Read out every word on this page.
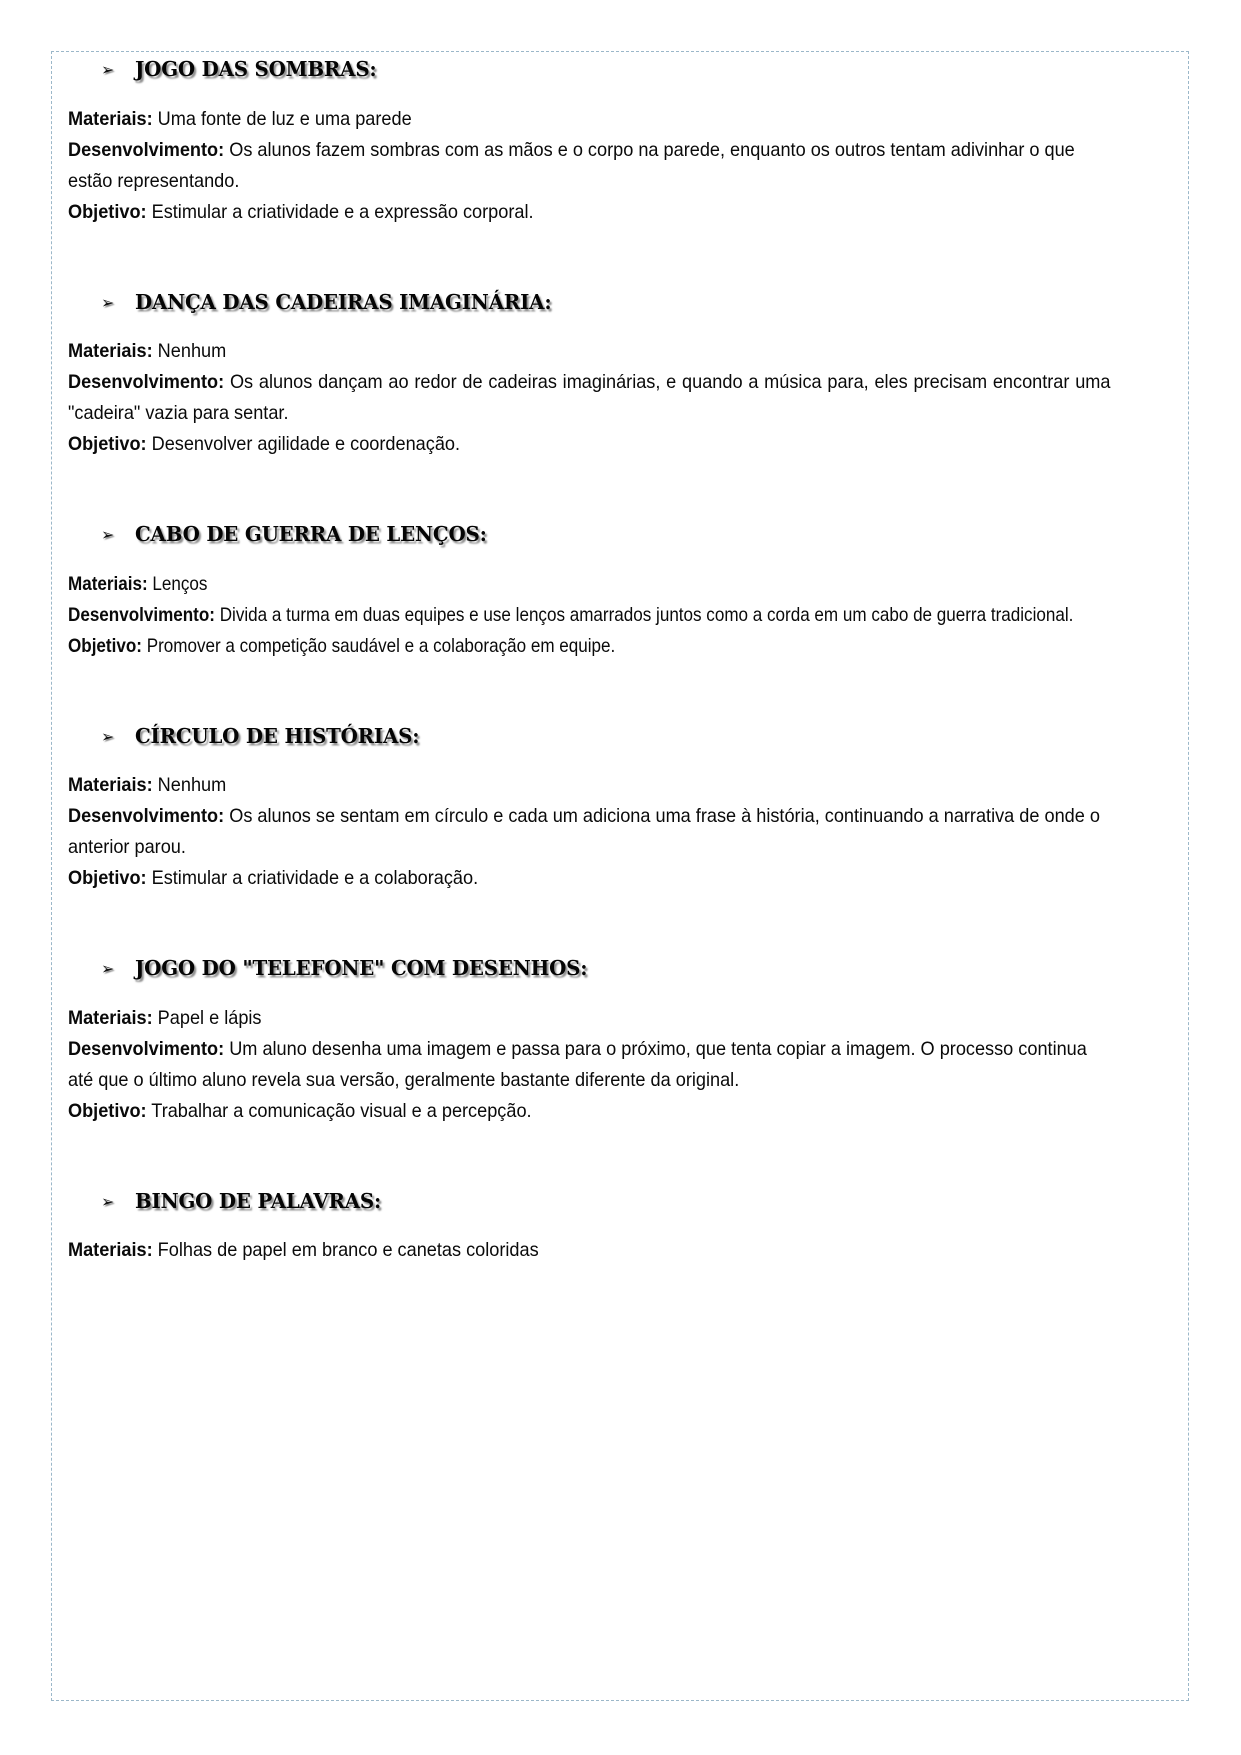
➢	JOGO DAS SOMBRAS:

Materiais: Uma fonte de luz e uma parede

Desenvolvimento: Os alunos fazem sombras com as mãos e o corpo na parede, enquanto os outros tentam adivinhar o que estão representando.

Objetivo: Estimular a criatividade e a expressão corporal.

➢	DANÇA DAS CADEIRAS IMAGINÁRIA:

Materiais: Nenhum

Desenvolvimento: Os alunos dançam ao redor de cadeiras imaginárias, e quando a música para, eles precisam encontrar uma "cadeira" vazia para sentar.

Objetivo: Desenvolver agilidade e coordenação.

➢	CABO DE GUERRA DE LENÇOS:

Materiais: Lenços

Desenvolvimento: Divida a turma em duas equipes e use lenços amarrados juntos como a corda em um cabo de guerra tradicional.

Objetivo: Promover a competição saudável e a colaboração em equipe.

➢	CÍRCULO DE HISTÓRIAS:

Materiais: Nenhum

Desenvolvimento: Os alunos se sentam em círculo e cada um adiciona uma frase à história, continuando a narrativa de onde o anterior parou.

Objetivo: Estimular a criatividade e a colaboração.

➢	JOGO DO "TELEFONE" COM DESENHOS:

Materiais: Papel e lápis

Desenvolvimento: Um aluno desenha uma imagem e passa para o próximo, que tenta copiar a imagem. O processo continua até que o último aluno revela sua versão, geralmente bastante diferente da original.

Objetivo: Trabalhar a comunicação visual e a percepção.

➢	BINGO DE PALAVRAS:

Materiais: Folhas de papel em branco e canetas coloridas
